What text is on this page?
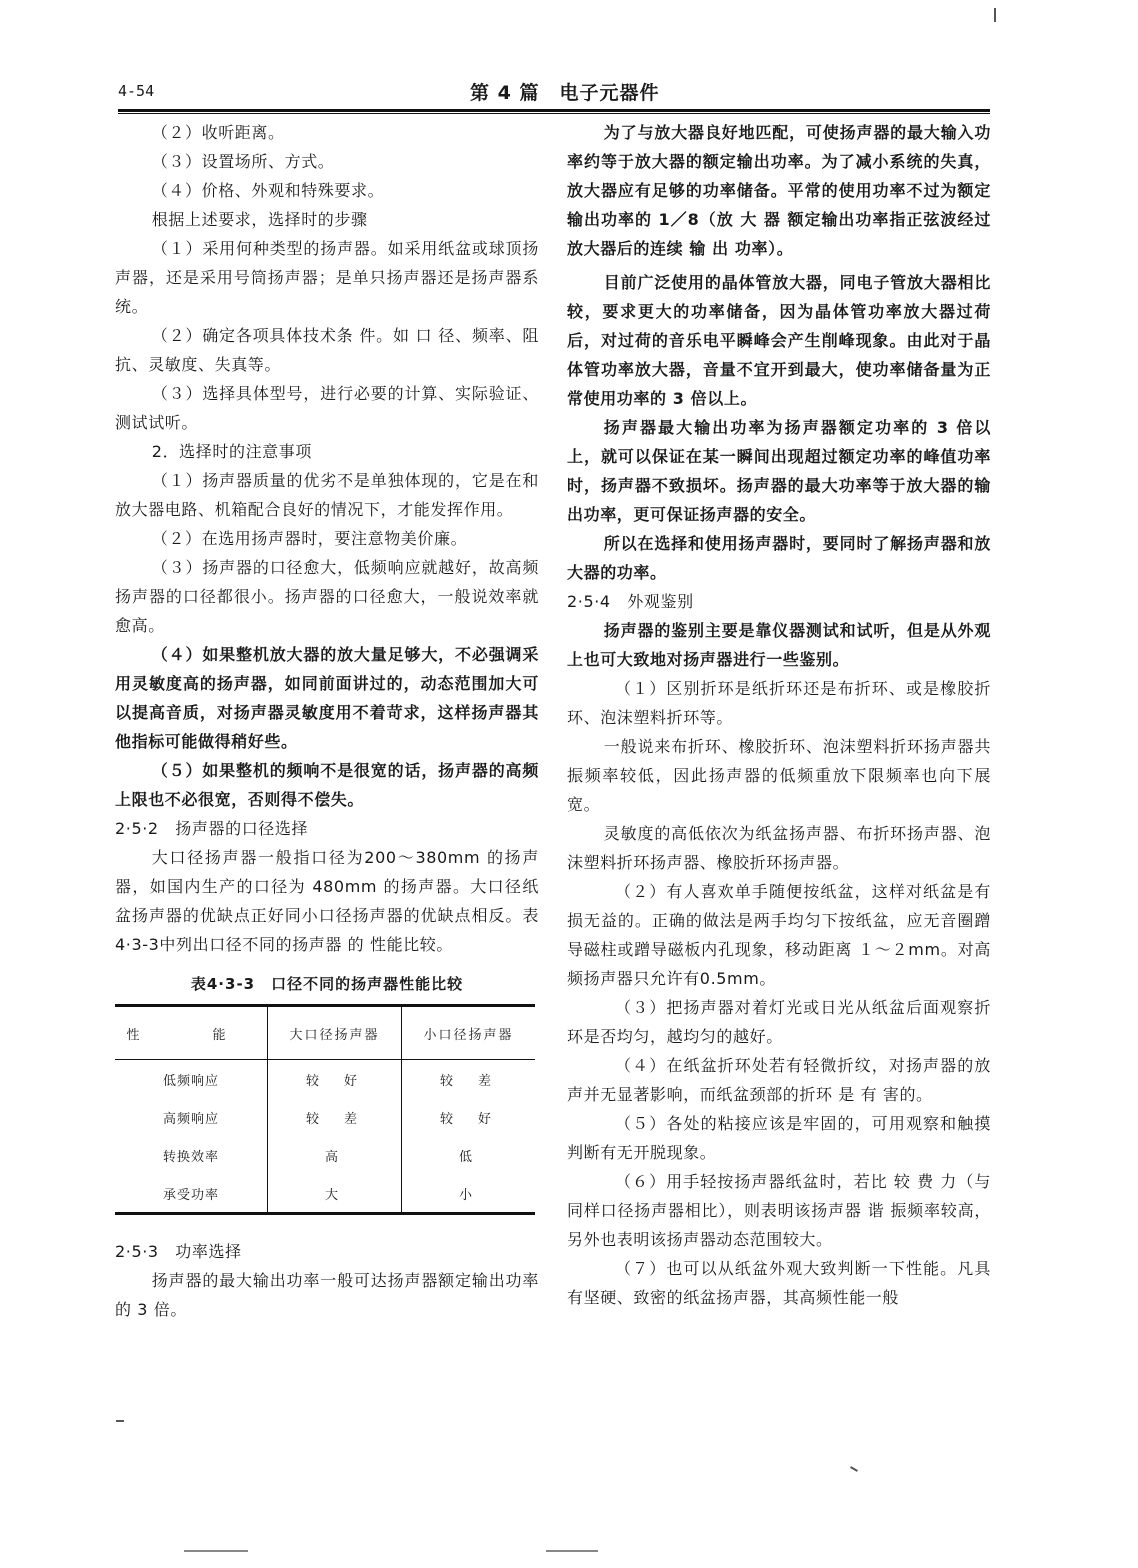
4-54	第 4 篇　电子元器件

（２）收听距离。

（３）设置场所、方式。

（４）价格、外观和特殊要求。

根据上述要求，选择时的步骤

（１）采用何种类型的扬声器。如采用纸盆或球顶扬声器，还是采用号筒扬声器；是单只扬声器还是扬声器系统。

（２）确定各项具体技术条 件。如 口 径、频率、阻抗、灵敏度、失真等。

（３）选择具体型号，进行必要的计算、实际验证、测试试听。

2．选择时的注意事项

（１）扬声器质量的优劣不是单独体现的，它是在和放大器电路、机箱配合良好的情况下，才能发挥作用。

（２）在选用扬声器时，要注意物美价廉。

（３）扬声器的口径愈大，低频响应就越好，故高频扬声器的口径都很小。扬声器的口径愈大，一般说效率就愈高。

（４）如果整机放大器的放大量足够大，不必强调采用灵敏度高的扬声器，如同前面讲过的，动态范围加大可以提高音质，对扬声器灵敏度用不着苛求，这样扬声器其他指标可能做得稍好些。

（５）如果整机的频响不是很宽的话，扬声器的高频上限也不必很宽，否则得不偿失。

2·5·2　扬声器的口径选择

大口径扬声器一般指口径为200～380mm 的扬声器，如国内生产的口径为 480mm 的扬声器。大口径纸盆扬声器的优缺点正好同小口径扬声器的优缺点相反。表4·3-3中列出口径不同的扬声器 的 性能比较。

表4·3-3　口径不同的扬声器性能比较
性　能	大口径扬声器	小口径扬声器
低频响应	较　好	较　差
高频响应	较　差	较　好
转换效率	高	低
承受功率	大	小

2·5·3　功率选择

扬声器的最大输出功率一般可达扬声器额定输出功率的 3 倍。

为了与放大器良好地匹配，可使扬声器的最大输入功率约等于放大器的额定输出功率。为了减小系统的失真，放大器应有足够的功率储备。平常的使用功率不过为额定输出功率的 1／8（放 大 器 额定输出功率指正弦波经过放大器后的连续 输 出 功率）。

目前广泛使用的晶体管放大器，同电子管放大器相比较，要求更大的功率储备，因为晶体管功率放大器过荷后，对过荷的音乐电平瞬峰会产生削峰现象。由此对于晶体管功率放大器，音量不宜开到最大，使功率储备量为正常使用功率的 3 倍以上。

扬声器最大输出功率为扬声器额定功率的 3 倍以上，就可以保证在某一瞬间出现超过额定功率的峰值功率时，扬声器不致损坏。扬声器的最大功率等于放大器的输出功率，更可保证扬声器的安全。

所以在选择和使用扬声器时，要同时了解扬声器和放大器的功率。

2·5·4　外观鉴别

扬声器的鉴别主要是靠仪器测试和试听，但是从外观上也可大致地对扬声器进行一些鉴别。

（１）区别折环是纸折环还是布折环、或是橡胶折环、泡沫塑料折环等。

一般说来布折环、橡胶折环、泡沫塑料折环扬声器共振频率较低，因此扬声器的低频重放下限频率也向下展宽。

灵敏度的高低依次为纸盆扬声器、布折环扬声器、泡沫塑料折环扬声器、橡胶折环扬声器。

（２）有人喜欢单手随便按纸盆，这样对纸盆是有损无益的。正确的做法是两手均匀下按纸盆，应无音圈蹭导磁柱或蹭导磁板内孔现象，移动距离 １～２mm。对高频扬声器只允许有0.5mm。

（３）把扬声器对着灯光或日光从纸盆后面观察折环是否均匀，越均匀的越好。

（４）在纸盆折环处若有轻微折纹，对扬声器的放声并无显著影响，而纸盆颈部的折环 是 有 害的。

（５）各处的粘接应该是牢固的，可用观察和触摸判断有无开脱现象。

（６）用手轻按扬声器纸盆时，若比 较 费 力（与同样口径扬声器相比），则表明该扬声器 谐 振频率较高，另外也表明该扬声器动态范围较大。

（７）也可以从纸盆外观大致判断一下性能。凡具有坚硬、致密的纸盆扬声器，其高频性能一般
